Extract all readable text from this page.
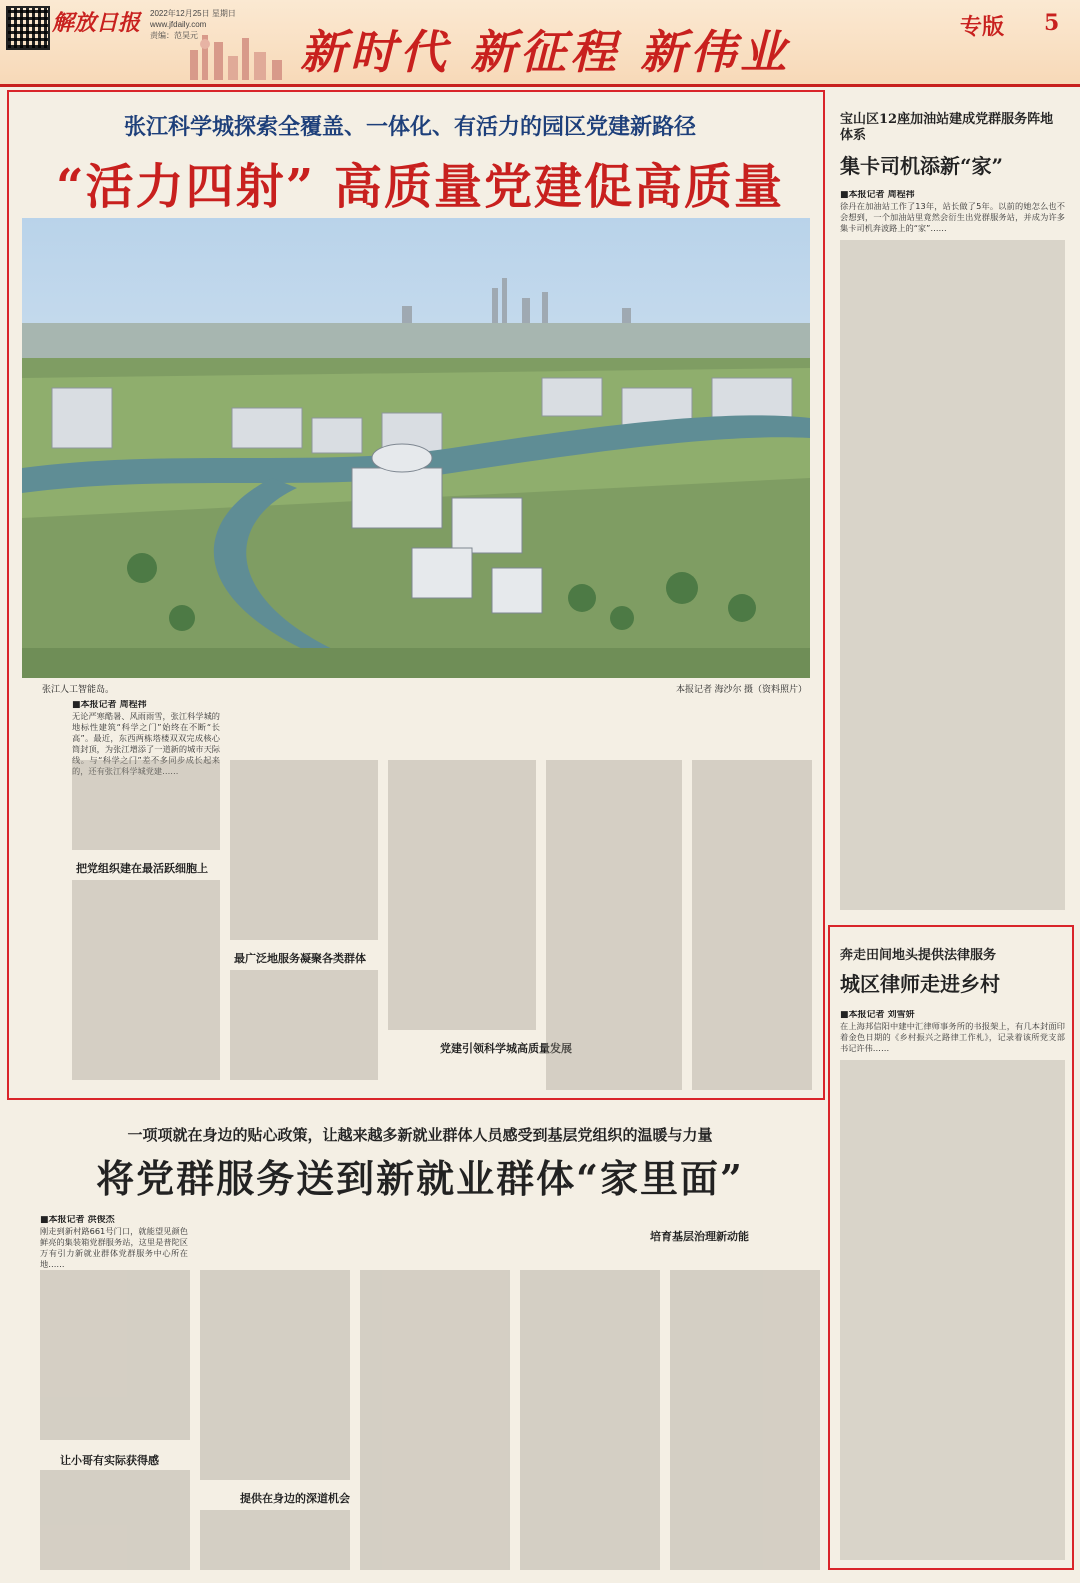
解放日报 2022年12月25日 星期日
www.jfdaily.com
责编：范昊元	新时代 新征程 新伟业	专版 5
张江科学城探索全覆盖、一体化、有活力的园区党建新路径
“活力四射” 高质量党建促高质量
张江人工智能岛。	本报记者 海沙尔 摄（资料照片）
■本报记者 周程祎
无论严寒酷暑、风雨雨雪，张江科学城的地标性建筑“科学之门”始终在不断“长高”。最近，东西两栋塔楼双双完成核心筒封顶，为张江增添了一道新的城市天际线。与“科学之门”差不多同步成长起来的，还有张江科学城党建……
把党组织建在最活跃细胞上
最广泛地服务凝聚各类群体
党建引领科学城高质量发展
宝山区12座加油站建成党群服务阵地体系
集卡司机添新“家”
■本报记者 周程祎
徐丹在加油站工作了13年，站长做了5年。以前的她怎么也不会想到，一个加油站里竟然会衍生出党群服务站，并成为许多集卡司机奔波路上的“家”……
奔走田间地头提供法律服务
城区律师走进乡村
■本报记者 刘雪妍
在上海邦信阳中建中汇律师事务所的书报架上，有几本封面印着金色日期的《乡村振兴之路律工作札》，记录着该所党支部书记许伟……
一项项就在身边的贴心政策，让越来越多新就业群体人员感受到基层党组织的温暖与力量
将党群服务送到新就业群体“家里面”
■本报记者 洪俊杰
刚走到新村路661号门口，就能望见颜色鲜亮的集装箱党群服务站，这里是普陀区万有引力新就业群体党群服务中心所在地……
让小哥有实际获得感
提供在身边的深道机会
培育基层治理新动能
